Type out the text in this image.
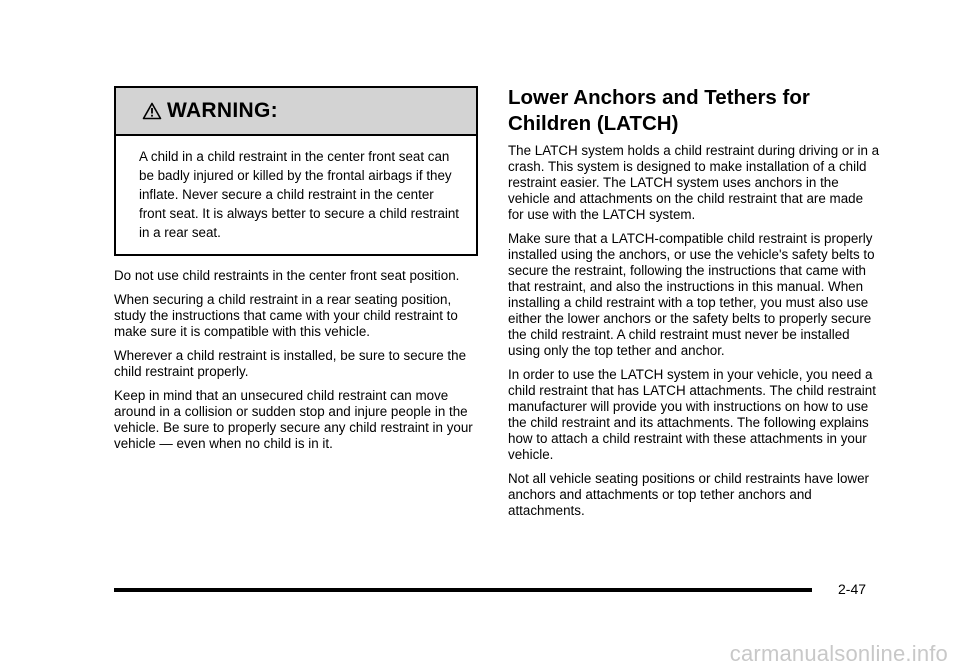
WARNING:
A child in a child restraint in the center front seat can be badly injured or killed by the frontal airbags if they inflate. Never secure a child restraint in the center front seat. It is always better to secure a child restraint in a rear seat.

Do not use child restraints in the center front seat position.

When securing a child restraint in a rear seating position, study the instructions that came with your child restraint to make sure it is compatible with this vehicle.

Wherever a child restraint is installed, be sure to secure the child restraint properly.

Keep in mind that an unsecured child restraint can move around in a collision or sudden stop and injure people in the vehicle. Be sure to properly secure any child restraint in your vehicle — even when no child is in it.

Lower Anchors and Tethers for Children (LATCH)

The LATCH system holds a child restraint during driving or in a crash. This system is designed to make installation of a child restraint easier. The LATCH system uses anchors in the vehicle and attachments on the child restraint that are made for use with the LATCH system.

Make sure that a LATCH-compatible child restraint is properly installed using the anchors, or use the vehicle's safety belts to secure the restraint, following the instructions that came with that restraint, and also the instructions in this manual. When installing a child restraint with a top tether, you must also use either the lower anchors or the safety belts to properly secure the child restraint. A child restraint must never be installed using only the top tether and anchor.

In order to use the LATCH system in your vehicle, you need a child restraint that has LATCH attachments. The child restraint manufacturer will provide you with instructions on how to use the child restraint and its attachments. The following explains how to attach a child restraint with these attachments in your vehicle.

Not all vehicle seating positions or child restraints have lower anchors and attachments or top tether anchors and attachments.

2-47
carmanualsonline.info
